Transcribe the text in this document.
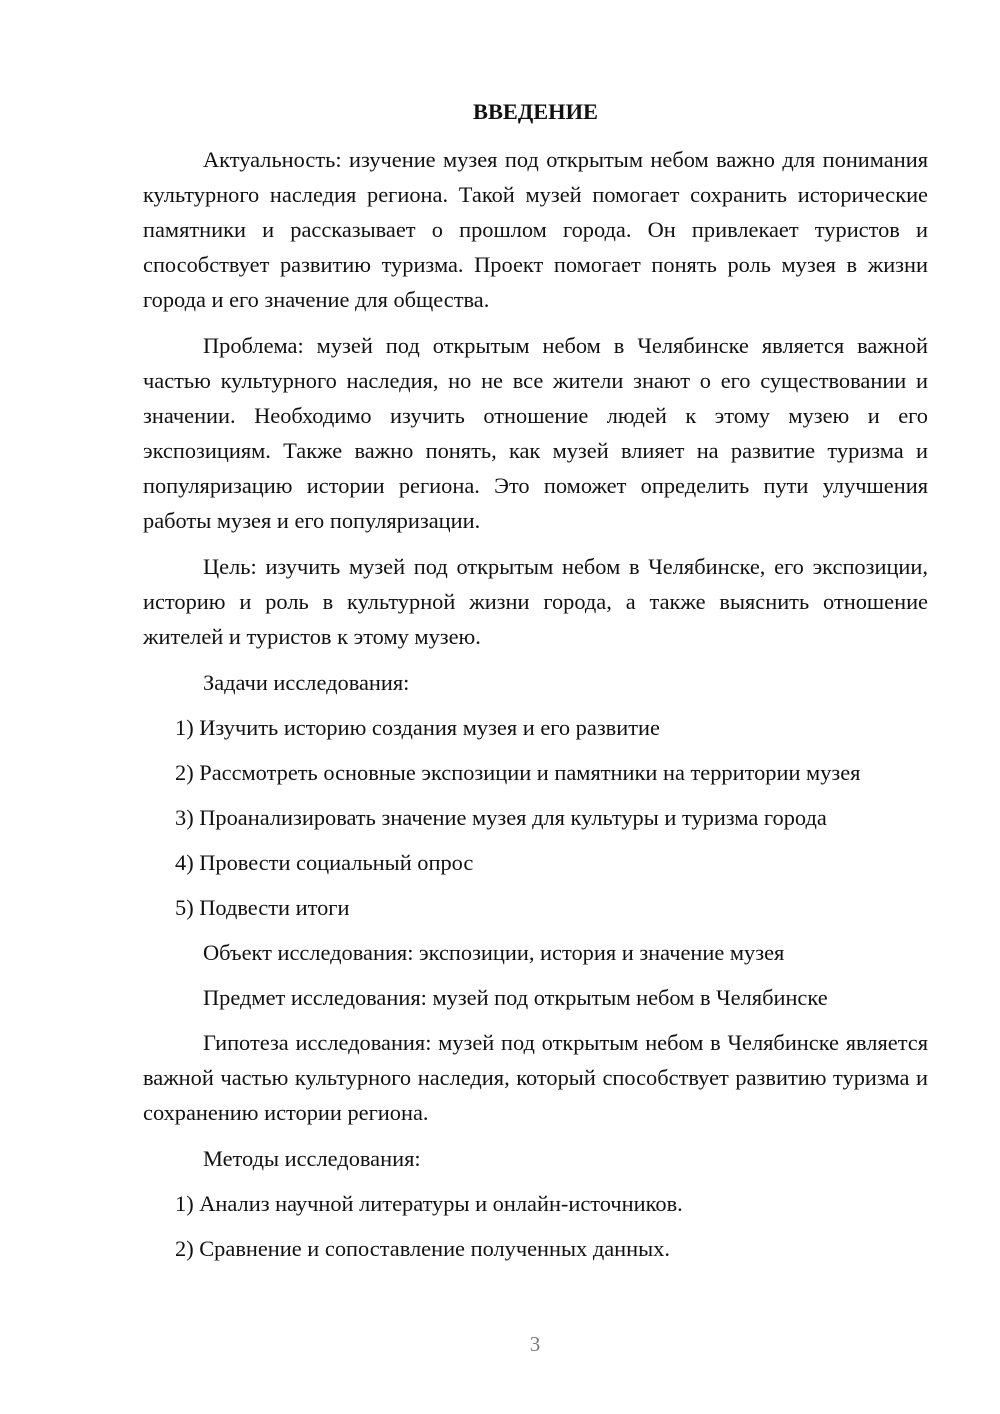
ВВЕДЕНИЕ

Актуальность: изучение музея под открытым небом важно для понимания культурного наследия региона. Такой музей помогает сохранить исторические памятники и рассказывает о прошлом города. Он привлекает туристов и способствует развитию туризма. Проект помогает понять роль музея в жизни города и его значение для общества.

Проблема: музей под открытым небом в Челябинске является важной частью культурного наследия, но не все жители знают о его существовании и значении. Необходимо изучить отношение людей к этому музею и его экспозициям. Также важно понять, как музей влияет на развитие туризма и популяризацию истории региона. Это поможет определить пути улучшения работы музея и его популяризации.

Цель: изучить музей под открытым небом в Челябинске, его экспозиции, историю и роль в культурной жизни города, а также выяснить отношение жителей и туристов к этому музею.

Задачи исследования:
1) Изучить историю создания музея и его развитие
2) Рассмотреть основные экспозиции и памятники на территории музея
3) Проанализировать значение музея для культуры и туризма города
4) Провести социальный опрос
5) Подвести итоги
Объект исследования: экспозиции, история и значение музея
Предмет исследования: музей под открытым небом в Челябинске

Гипотеза исследования: музей под открытым небом в Челябинске является важной частью культурного наследия, который способствует развитию туризма и сохранению истории региона.

Методы исследования:
1) Анализ научной литературы и онлайн-источников.
2) Сравнение и сопоставление полученных данных.
3
